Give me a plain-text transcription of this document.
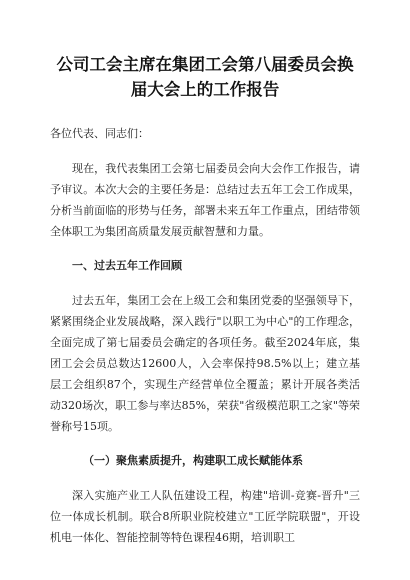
公司工会主席在集团工会第八届委员会换届大会上的工作报告

各位代表、同志们：

现在，我代表集团工会第七届委员会向大会作工作报告，请予审议。本次大会的主要任务是：总结过去五年工会工作成果，分析当前面临的形势与任务，部署未来五年工作重点，团结带领全体职工为集团高质量发展贡献智慧和力量。

一、过去五年工作回顾

过去五年，集团工会在上级工会和集团党委的坚强领导下，紧紧围绕企业发展战略，深入践行"以职工为中心"的工作理念，全面完成了第七届委员会确定的各项任务。截至2024年底，集团工会会员总数达12600人，入会率保持98.5%以上；建立基层工会组织87个，实现生产经营单位全覆盖；累计开展各类活动320场次，职工参与率达85%，荣获"省级模范职工之家"等荣誉称号15项。

（一）聚焦素质提升，构建职工成长赋能体系

深入实施产业工人队伍建设工程，构建"培训-竞赛-晋升"三位一体成长机制。联合8所职业院校建立"工匠学院联盟"，开设机电一体化、智能控制等特色课程46期，培训职工
